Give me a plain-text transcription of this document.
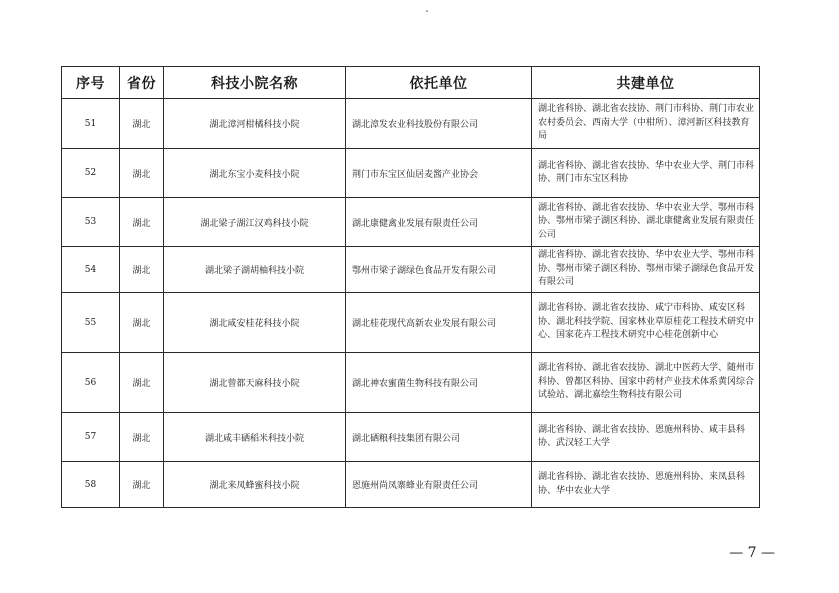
序号	省份	科技小院名称	依托单位	共建单位
51	湖北	湖北漳河柑橘科技小院	湖北漳发农业科技股份有限公司	湖北省科协、湖北省农技协、荆门市科协、荆门市农业农村委员会、西南大学（中柑所）、漳河新区科技教育局
52	湖北	湖北东宝小麦科技小院	荆门市东宝区仙居麦酱产业协会	湖北省科协、湖北省农技协、华中农业大学、荆门市科协、荆门市东宝区科协
53	湖北	湖北梁子湖江汉鸡科技小院	湖北康健禽业发展有限责任公司	湖北省科协、湖北省农技协、华中农业大学、鄂州市科协、鄂州市梁子湖区科协、湖北康健禽业发展有限责任公司
54	湖北	湖北梁子湖胡柚科技小院	鄂州市梁子湖绿色食品开发有限公司	湖北省科协、湖北省农技协、华中农业大学、鄂州市科协、鄂州市梁子湖区科协、鄂州市梁子湖绿色食品开发有限公司
55	湖北	湖北咸安桂花科技小院	湖北桂花现代高新农业发展有限公司	湖北省科协、湖北省农技协、咸宁市科协、咸安区科协、湖北科技学院、国家林业草原桂花工程技术研究中心、国家花卉工程技术研究中心桂花创新中心
56	湖北	湖北曾都天麻科技小院	湖北神农蜜菌生物科技有限公司	湖北省科协、湖北省农技协、湖北中医药大学、随州市科协、曾都区科协、国家中药材产业技术体系黄冈综合试验站、湖北嘉绘生物科技有限公司
57	湖北	湖北咸丰硒稻米科技小院	湖北硒粮科技集团有限公司	湖北省科协、湖北省农技协、恩施州科协、咸丰县科协、武汉轻工大学
58	湖北	湖北来凤蜂蜜科技小院	恩施州尚凤寨蜂业有限责任公司	湖北省科协、湖北省农技协、恩施州科协、来凤县科协、华中农业大学
— 7 —
